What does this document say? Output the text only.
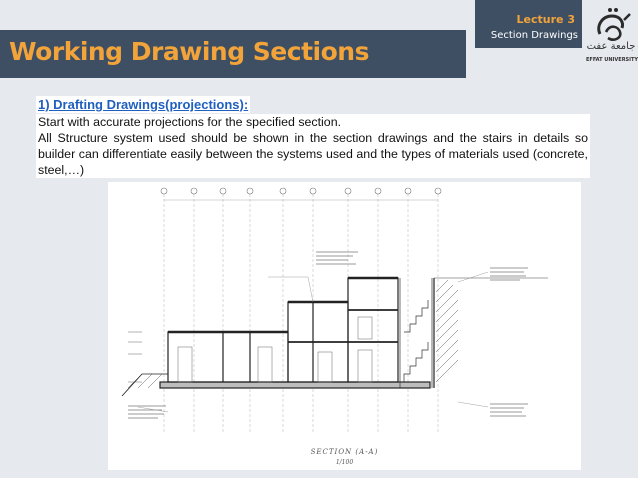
Working Drawing Sections
Lecture 3
Section Drawings
جامعة عفت
EFFAT UNIVERSITY
1) Drafting Drawings(projections):

Start with accurate projections for the specified section.

All Structure system used should be shown in the section drawings and the stairs in details so builder can differentiate easily between the systems used and the types of materials used (concrete, steel,…)

SECTION (A-A)
1/100
